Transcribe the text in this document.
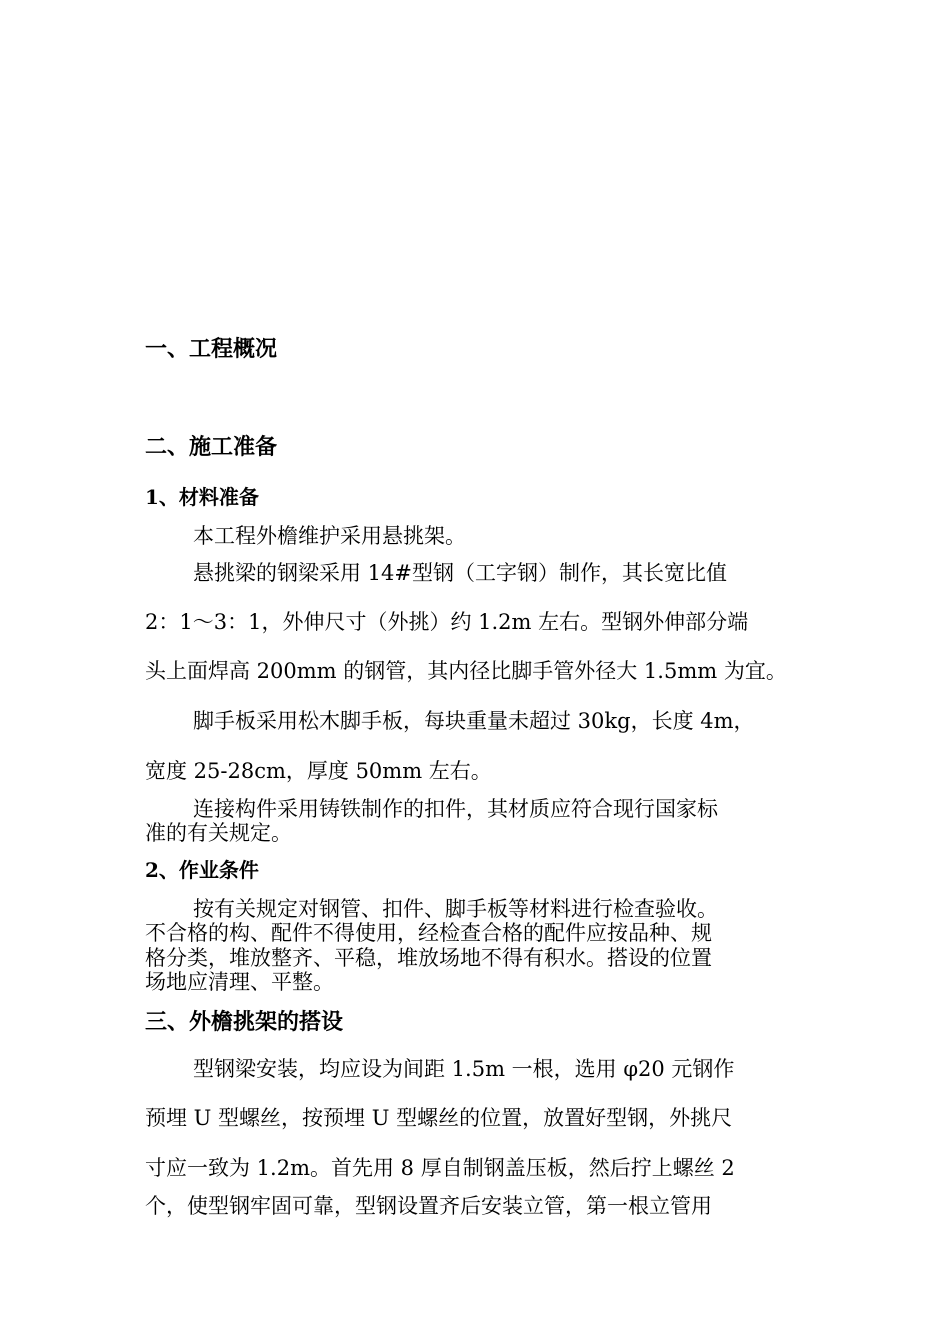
一、工程概况
二、施工准备
1、材料准备
本工程外檐维护采用悬挑架。
悬挑梁的钢梁采用 14#型钢（工字钢）制作，其长宽比值
2：1～3：1，外伸尺寸（外挑）约 1.2m 左右。型钢外伸部分端
头上面焊高 200mm 的钢管，其内径比脚手管外径大 1.5mm 为宜。
脚手板采用松木脚手板，每块重量未超过 30kg，长度 4m，
宽度 25-28cm，厚度 50mm 左右。
连接构件采用铸铁制作的扣件，其材质应符合现行国家标
准的有关规定。
2、作业条件
按有关规定对钢管、扣件、脚手板等材料进行检查验收。
不合格的构、配件不得使用，经检查合格的配件应按品种、规
格分类，堆放整齐、平稳，堆放场地不得有积水。搭设的位置
场地应清理、平整。
三、外檐挑架的搭设
型钢梁安装，均应设为间距 1.5m 一根，选用 φ20 元钢作
预埋 U 型螺丝，按预埋 U 型螺丝的位置，放置好型钢，外挑尺
寸应一致为 1.2m。首先用 8 厚自制钢盖压板，然后拧上螺丝 2
个，使型钢牢固可靠，型钢设置齐后安装立管，第一根立管用
